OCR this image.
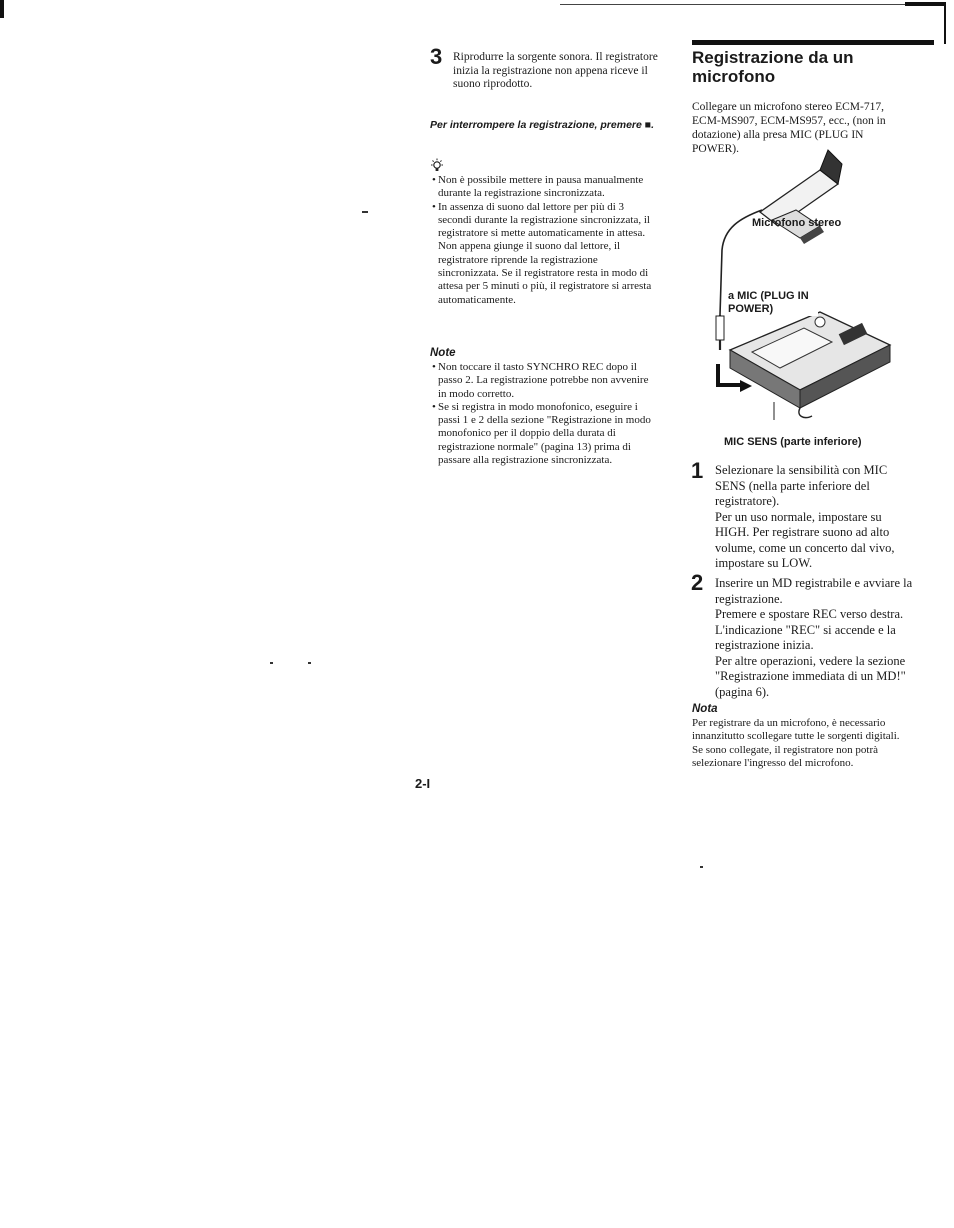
3 Riprodurre la sorgente sonora. Il registratore inizia la registrazione non appena riceve il suono riprodotto.

Per interrompere la registrazione, premere ■.

• Non è possibile mettere in pausa manualmente durante la registrazione sincronizzata.
• In assenza di suono dal lettore per più di 3 secondi durante la registrazione sincronizzata, il registratore si mette automaticamente in attesa. Non appena giunge il suono dal lettore, il registratore riprende la registrazione sincronizzata. Se il registratore resta in modo di attesa per 5 minuti o più, il registratore si arresta automaticamente.

Note

• Non toccare il tasto SYNCHRO REC dopo il passo 2. La registrazione potrebbe non avvenire in modo corretto.
• Se si registra in modo monofonico, eseguire i passi 1 e 2 della sezione "Registrazione in modo monofonico per il doppio della durata di registrazione normale" (pagina 13) prima di passare alla registrazione sincronizzata.
2-I
Registrazione da un microfono

Collegare un microfono stereo ECM-717, ECM-MS907, ECM-MS957, ecc., (non in dotazione) alla presa MIC (PLUG IN POWER).

Microfono stereo
a MIC (PLUG IN POWER)
MIC SENS (parte inferiore)
1 Selezionare la sensibilità con MIC SENS (nella parte inferiore del registratore).

Per un uso normale, impostare su HIGH. Per registrare suono ad alto volume, come un concerto dal vivo, impostare su LOW.

2 Inserire un MD registrabile e avviare la registrazione.

Premere e spostare REC verso destra. L'indicazione "REC" si accende e la registrazione inizia.

Per altre operazioni, vedere la sezione "Registrazione immediata di un MD!" (pagina 6).

Nota

Per registrare da un microfono, è necessario innanzitutto scollegare tutte le sorgenti digitali. Se sono collegate, il registratore non potrà selezionare l'ingresso del microfono.
